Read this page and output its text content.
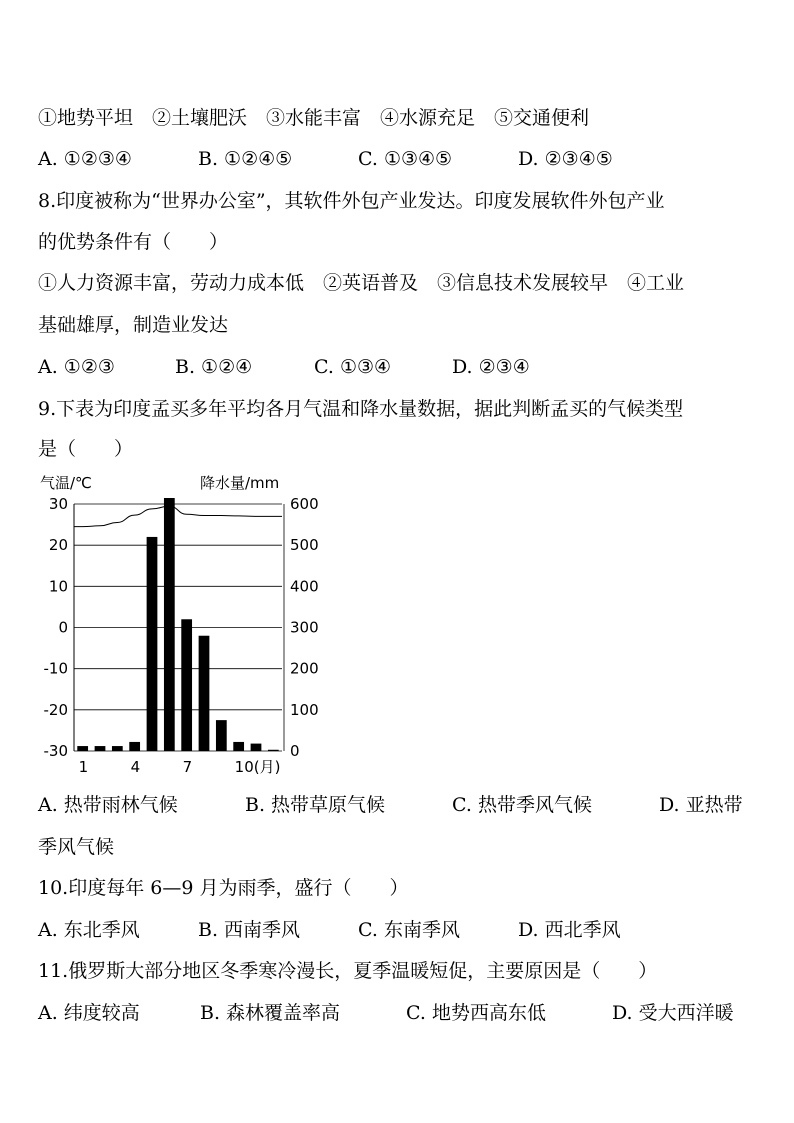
①地势平坦　②土壤肥沃　③水能丰富　④水源充足　⑤交通便利
A. ①②③④	B. ①②④⑤	C. ①③④⑤	D. ②③④⑤
8.印度被称为“世界办公室”，其软件外包产业发达。印度发展软件外包产业
的优势条件有（　　）
①人力资源丰富，劳动力成本低　②英语普及　③信息技术发展较早　④工业
基础雄厚，制造业发达
A. ①②③	B. ①②④	C. ①③④	D. ②③④
9.下表为印度孟买多年平均各月气温和降水量数据，据此判断孟买的气候类型
是（　　）
30
20
10
0
-10
-20
-30
600
500
400
300
200
100
0
1	4	7	10(月)
气温/℃	降水量/mm
A. 热带雨林气候	B. 热带草原气候	C. 热带季风气候	D. 亚热带
季风气候
10.印度每年 6—9 月为雨季，盛行（　　）
A. 东北季风	B. 西南季风	C. 东南季风	D. 西北季风
11.俄罗斯大部分地区冬季寒冷漫长，夏季温暖短促，主要原因是（　　）
A. 纬度较高	B. 森林覆盖率高	C. 地势西高东低	D. 受大西洋暖
